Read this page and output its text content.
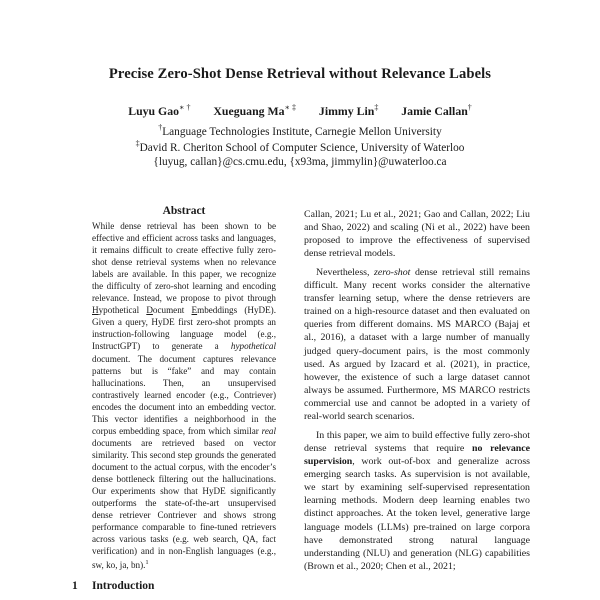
Precise Zero-Shot Dense Retrieval without Relevance Labels
Luyu Gao∗ † Xueguang Ma∗ ‡ Jimmy Lin‡ Jamie Callan†
†Language Technologies Institute, Carnegie Mellon University
‡David R. Cheriton School of Computer Science, University of Waterloo
{luyug, callan}@cs.cmu.edu, {x93ma, jimmylin}@uwaterloo.ca
Abstract
While dense retrieval has been shown to be effective and efficient across tasks and languages, it remains difficult to create effective fully zero-shot dense retrieval systems when no relevance labels are available. In this paper, we recognize the difficulty of zero-shot learning and encoding relevance. Instead, we propose to pivot through Hypothetical Document Embeddings (HyDE). Given a query, HyDE first zero-shot prompts an instruction-following language model (e.g., InstructGPT) to generate a hypothetical document. The document captures relevance patterns but is “fake” and may contain hallucinations. Then, an unsupervised contrastively learned encoder (e.g., Contriever) encodes the document into an embedding vector. This vector identifies a neighborhood in the corpus embedding space, from which similar real documents are retrieved based on vector similarity. This second step grounds the generated document to the actual corpus, with the encoder’s dense bottleneck filtering out the hallucinations. Our experiments show that HyDE significantly outperforms the state-of-the-art unsupervised dense retriever Contriever and shows strong performance comparable to fine-tuned retrievers across various tasks (e.g. web search, QA, fact verification) and in non-English languages (e.g., sw, ko, ja, bn).$^1$
1 Introduction

Callan, 2021; Lu et al., 2021; Gao and Callan, 2022; Liu and Shao, 2022) and scaling (Ni et al., 2022) have been proposed to improve the effectiveness of supervised dense retrieval models.

Nevertheless, zero-shot dense retrieval still remains difficult. Many recent works consider the alternative transfer learning setup, where the dense retrievers are trained on a high-resource dataset and then evaluated on queries from different domains. MS MARCO (Bajaj et al., 2016), a dataset with a large number of manually judged query-document pairs, is the most commonly used. As argued by Izacard et al. (2021), in practice, however, the existence of such a large dataset cannot always be assumed. Furthermore, MS MARCO restricts commercial use and cannot be adopted in a variety of real-world search scenarios.

In this paper, we aim to build effective fully zero-shot dense retrieval systems that require no relevance supervision, work out-of-box and generalize across emerging search tasks. As supervision is not available, we start by examining self-supervised representation learning methods. Modern deep learning enables two distinct approaches. At the token level, generative large language models (LLMs) pre-trained on large corpora have demonstrated strong natural language understanding (NLU) and generation (NLG) capabilities (Brown et al., 2020; Chen et al., 2021;
